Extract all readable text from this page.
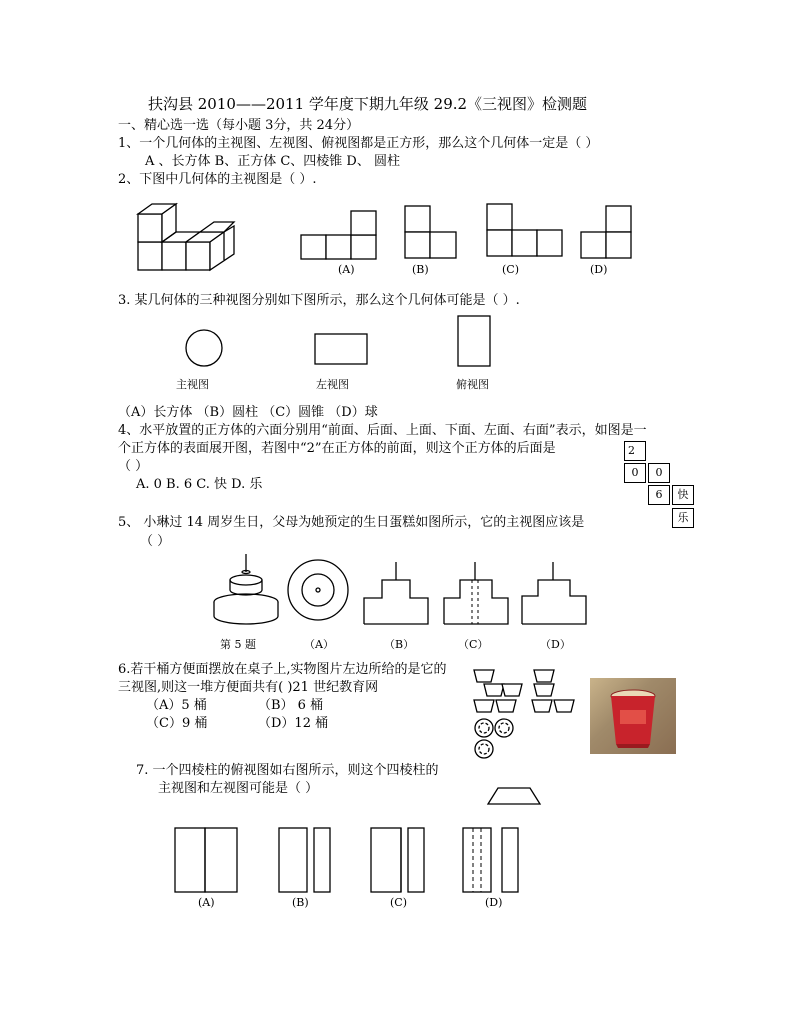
扶沟县 2010——2011 学年度下期九年级 29.2《三视图》检测题
一、精心选一选（每小题 3分，共 24分）
1、一个几何体的主视图、左视图、俯视图都是正方形，那么这个几何体一定是（ ）
A 、长方体 B、正方体 C、四棱锥 D、 圆柱
2、下图中几何体的主视图是（ ）.
(A)	(B)	(C)	(D)
3. 某几何体的三种视图分别如下图所示，那么这个几何体可能是（ ）.
主视图	左视图	俯视图
（A）长方体 （B）圆柱 （C）圆锥 （D）球
4、水平放置的正方体的六面分别用“前面、后面、上面、下面、左面、右面”表示，如图是一
个正方体的表面展开图，若图中“2”在正方体的前面，则这个正方体的后面是
（ ）
A. 0 B. 6 C. 快 D. 乐
2
0	0
6	快
乐
5、 小琳过 14 周岁生日，父母为她预定的生日蛋糕如图所示，它的主视图应该是
（ ）
第 5 题	（A）	（B）	（C）	（D）
6.若干桶方便面摆放在桌子上,实物图片左边所给的是它的
三视图,则这一堆方便面共有( )21 世纪教育网
（A）5 桶	（B） 6 桶
（C）9 桶	（D）12 桶
7. 一个四棱柱的俯视图如右图所示，则这个四棱柱的
主视图和左视图可能是（ ）
(A)	(B)	(C)	(D)
